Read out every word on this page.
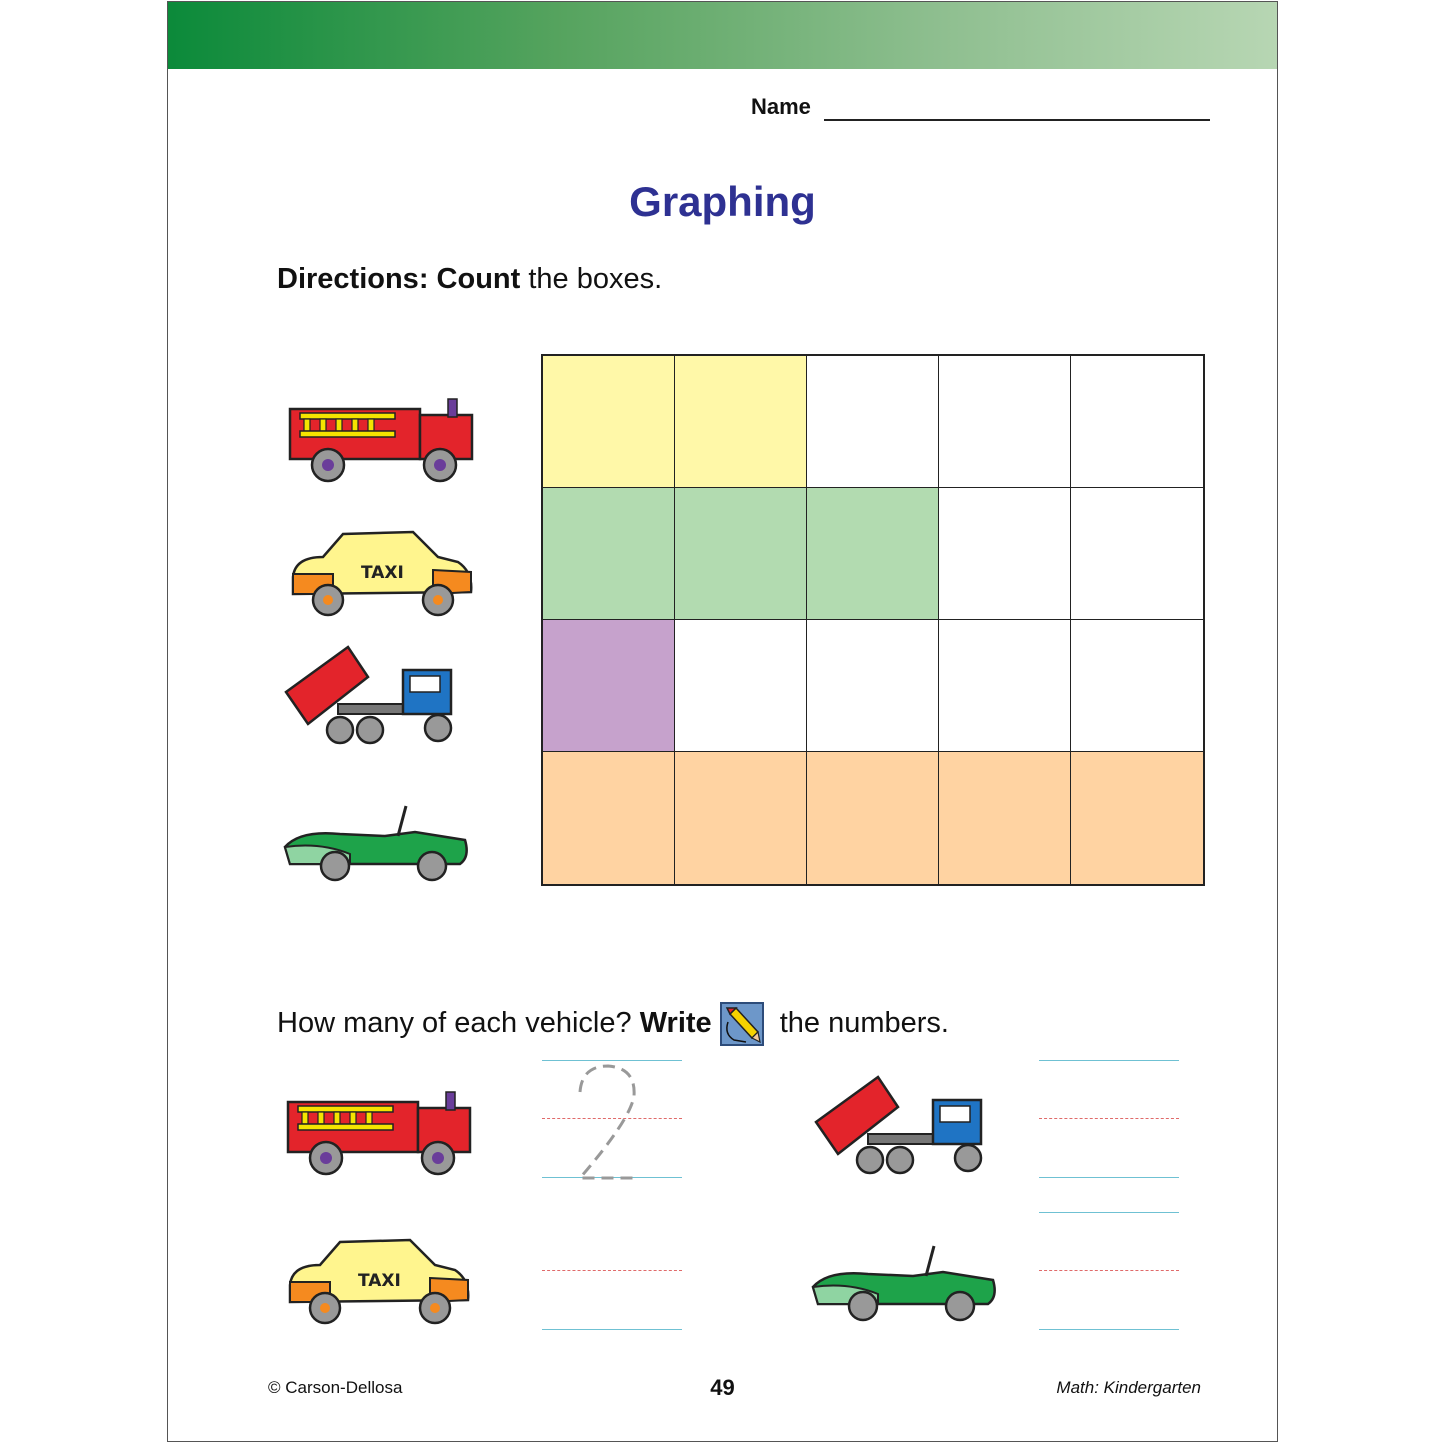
Name
Graphing
Directions: Count the boxes.
TAXI
How many of each vehicle? Write the numbers.
TAXI
© Carson-Dellosa	49	Math: Kindergarten
